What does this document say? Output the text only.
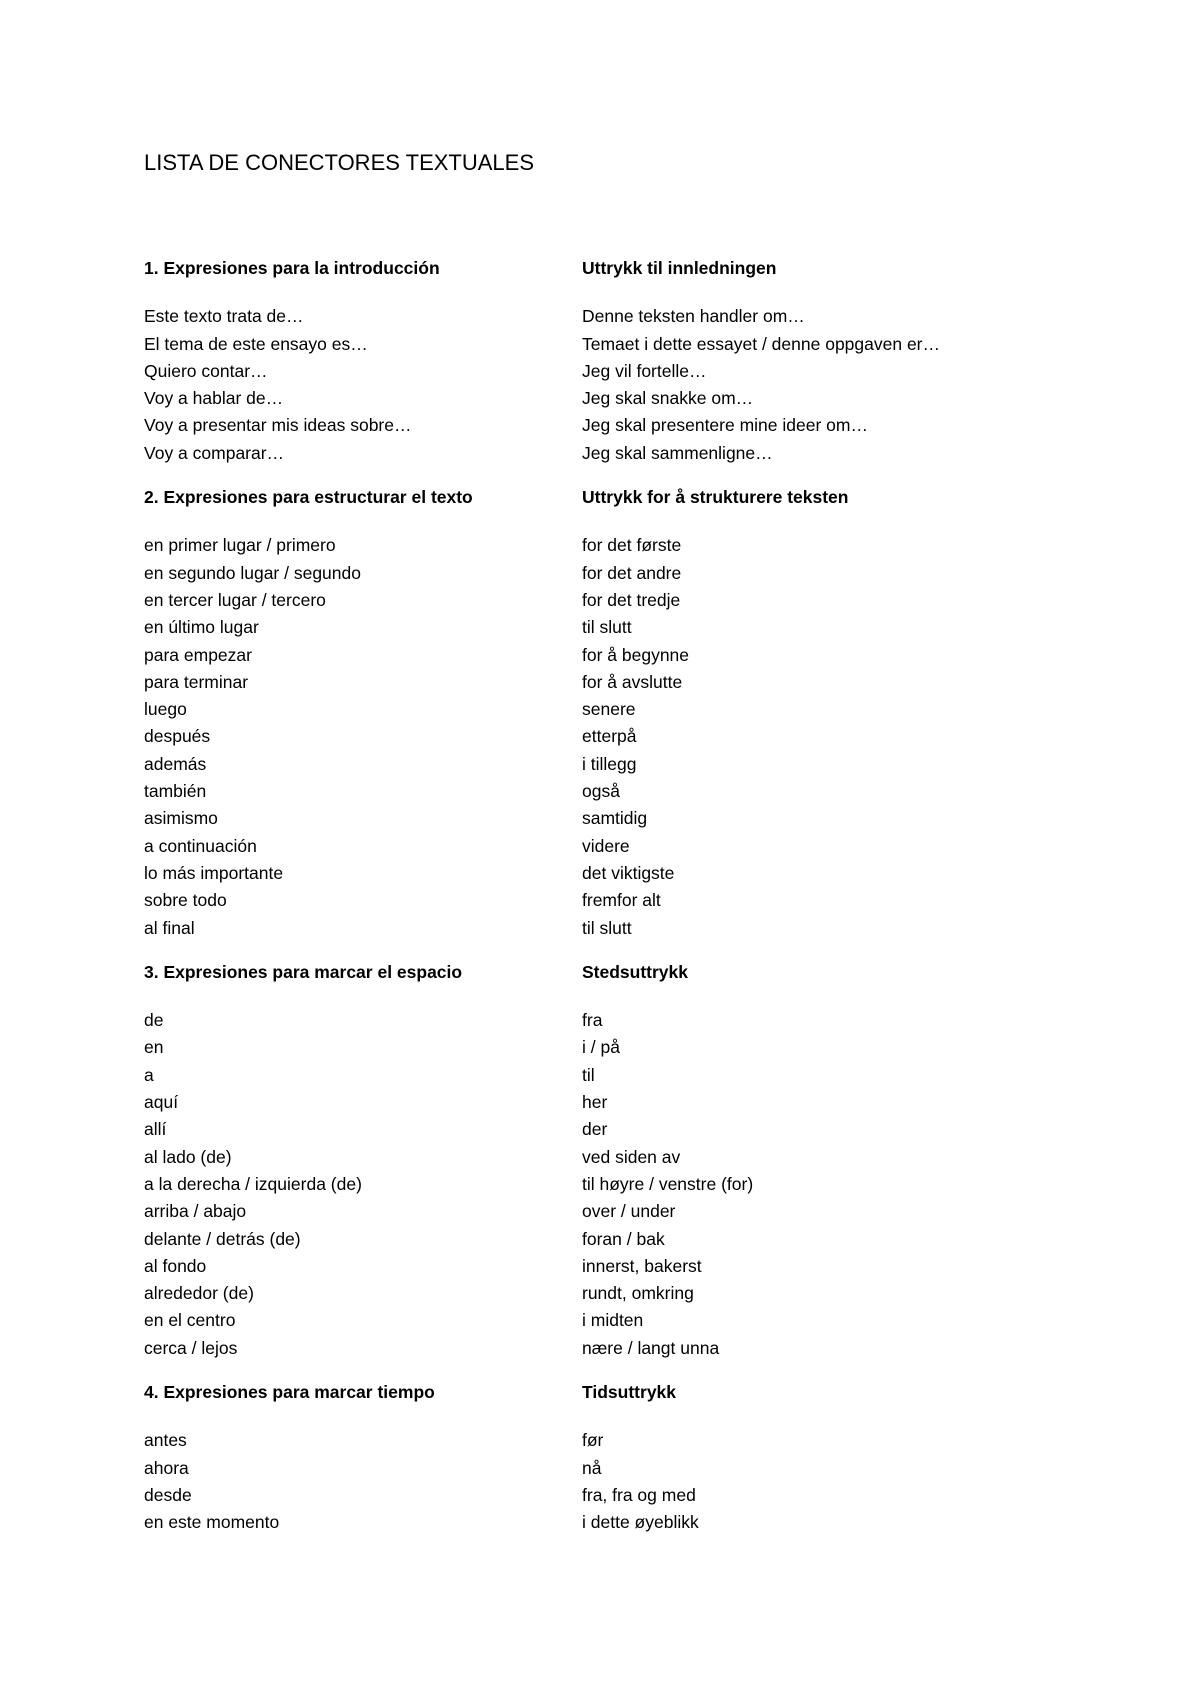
LISTA DE CONECTORES TEXTUALES
1. Expresiones para la introducción	Uttrykk til innledningen
Este texto trata de…	Denne teksten handler om…
El tema de este ensayo es…	Temaet i dette essayet / denne oppgaven er…
Quiero contar…	Jeg vil fortelle…
Voy a hablar de…	Jeg skal snakke om…
Voy a presentar mis ideas sobre…	Jeg skal presentere mine ideer om…
Voy a comparar…	Jeg skal sammenligne…
2. Expresiones para estructurar el texto	Uttrykk for å strukturere teksten
en primer lugar / primero	for det første
en segundo lugar / segundo	for det andre
en tercer lugar / tercero	for det tredje
en último lugar	til slutt
para empezar	for å begynne
para terminar	for å avslutte
luego	senere
después	etterpå
además	i tillegg
también	også
asimismo	samtidig
a continuación	videre
lo más importante	det viktigste
sobre todo	fremfor alt
al final	til slutt
3. Expresiones para marcar el espacio	Stedsuttrykk
de	fra
en	i / på
a	til
aquí	her
allí	der
al lado (de)	ved siden av
a la derecha / izquierda (de)	til høyre / venstre (for)
arriba / abajo	over / under
delante / detrás (de)	foran / bak
al fondo	innerst, bakerst
alrededor (de)	rundt, omkring
en el centro	i midten
cerca / lejos	nære / langt unna
4. Expresiones para marcar tiempo	Tidsuttrykk
antes	før
ahora	nå
desde	fra, fra og med
en este momento	i dette øyeblikk
